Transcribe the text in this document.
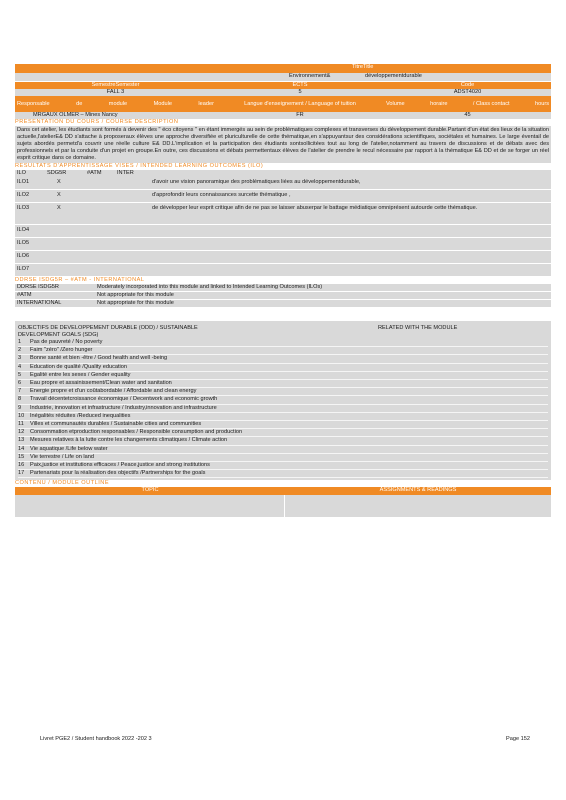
TitreTitle
Environnement&	développementdurable
SemestreSemester	ECTS	Code
FALL 3	5	ADST4020
Responsable	de	module	Module	leader	Langue d'enseignement / Language of tuition	Volume	horaire	/ Class contact	hours
MRGAUX OLMER – Mines Nancy	FR	45
PRESENTATION DU COURS / COURSE DESCRIPTION
Dans cet atelier, les étudiants sont formés à devenir des " éco citoyens " en étant immergés au sein de problématiques complexes et transverses du développement durable.Partant d'un état des lieux de la situation actuelle,l'atelierE& DD s'attache à proposeraux élèves une approche diversifiée et pluriculturelle de cette thématique,en s'appuyantsur des considérations scientifiques, sociétales et humaines. Le large éventail de sujets abordés permetd'a couvrir une réelle culture E& DD.L'implication et la participation des étudiants sontsollicitées tout au long de l'atelier,notamment au travers de discussions et de débats avec des professionnels et par la conduite d'un projet en groupe.En outre, ces discussions et débats permettentaux élèves de l'atelier de prendre le recul nécessaire par rapport à la thématique E& DD et de se forger un réel esprit critique dans ce domaine.
RESULTATS D'APPRENTISSAGE VISES / INTENDED LEARNING OUTCOMES (ILO)
ILO	SDG5R	#ATM	INTER
ILO1	X	d'avoir une vision panoramique des problématiques liées au développementdurable,
ILO2	X	d'approfondir leurs connaissances surcette thématique ,
ILO3	X	de développer leur esprit critique afin de ne pas se laisser abuserpar le battage médiatique omniprésent autourde cette thématique.
ILO4
ILO5
ILO6
ILO7
DDRSE ISDG5R – #ATM - INTERNATIONAL
DDRSE ISDG5R	Moderately incorporated into this module and linked to Intended Learning Outcomes (ILOs)
#ATM	Not appropriate for this module
INTERNATIONAL	Not appropriate for this module
OBJECTIFS DE DEVELOPPEMENT DURABLE (ODD) / SUSTAINABLE
DEVELOPMENT GOALS (SDG)
RELATED WITH THE MODULE
1	Pas de pauvreté / No poverty
2	Faim "zéro" /Zero hunger
3	Bonne santé et bien -être / Good health and well -being
4	Education de qualité /Quality education
5	Egalité entre les sexes / Gender equality
6	Eau propre et assainissement/Clean water and sanitation
7	Energie propre et d'un coûtabordable / Affordable and clean energy
8	Travail décentetcroissance économique / Decentwork and economic growth
9	Industrie, innovation et infrastructure / Industry,innovation and infrastructure
10	Inégalités réduites /Reduced inequalities
11	Villes et communautés durables / Sustainable cities and communities
12	Consommation etproduction responsables / Responsible consumption and production
13	Mesures relatives à la lutte contre les changements climatiques / Climate action
14	Vie aquatique /Life below water
15	Vie terrestre / Life on land
16	Paix,justice et institutions efficaces / Peace,justice and strong institutions
17	Partenariats pour la réalisation des objectifs /Partnerships for the goals
CONTENU / MODULE OUTLINE
TOPIC	ASSIGNMENTS & READINGS
Livret PGE2 / Student handbook 2022 -202 3	Page 152
